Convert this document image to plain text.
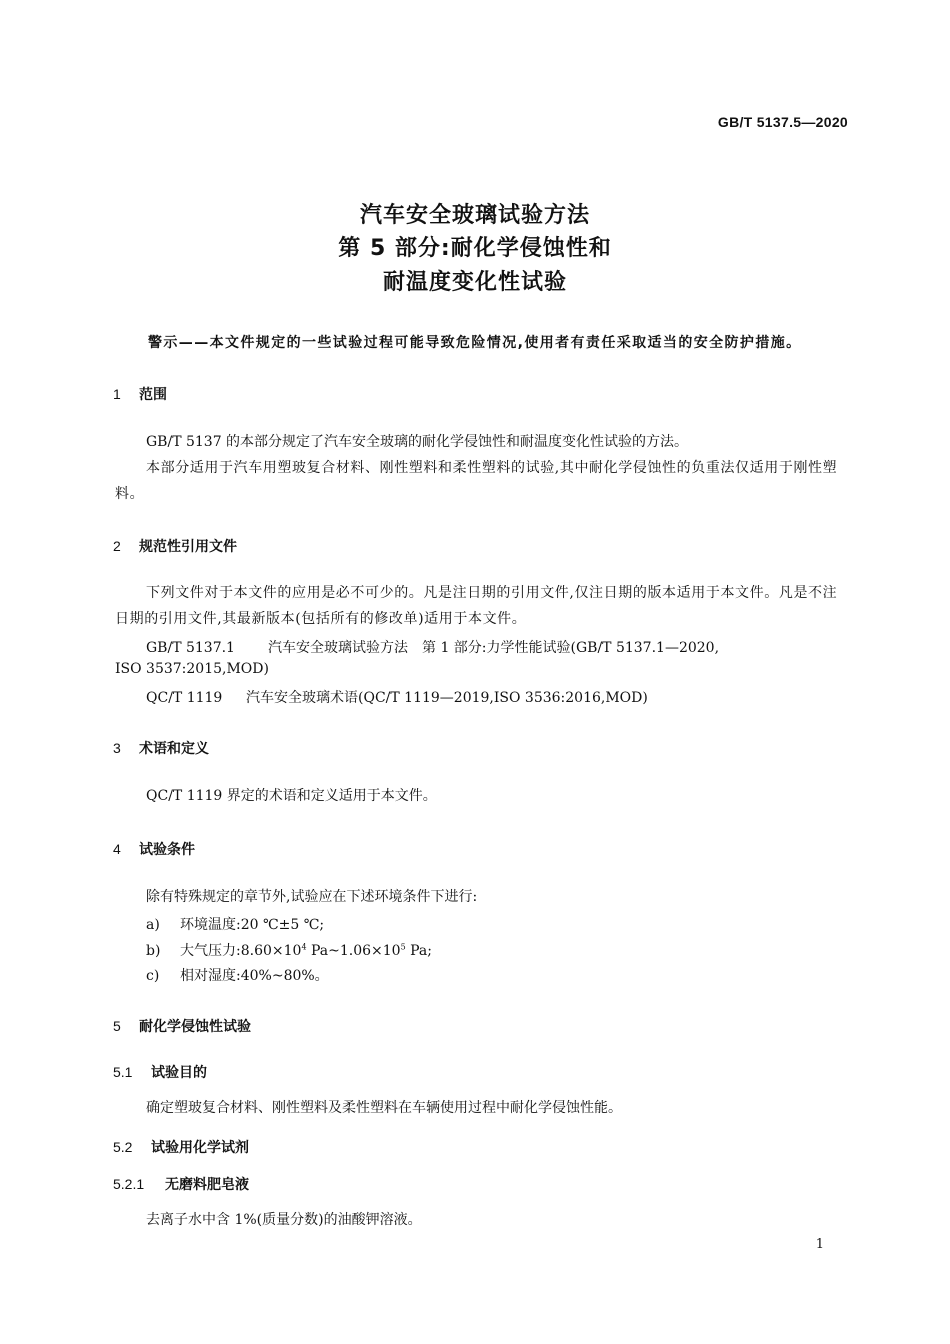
GB/T 5137.5—2020
汽车安全玻璃试验方法
第 5 部分:耐化学侵蚀性和
耐温度变化性试验
警示——本文件规定的一些试验过程可能导致危险情况,使用者有责任采取适当的安全防护措施。
1 范围
GB/T 5137 的本部分规定了汽车安全玻璃的耐化学侵蚀性和耐温度变化性试验的方法。
本部分适用于汽车用塑玻复合材料、刚性塑料和柔性塑料的试验,其中耐化学侵蚀性的负重法仅适用于刚性塑料。
2 规范性引用文件
下列文件对于本文件的应用是必不可少的。凡是注日期的引用文件,仅注日期的版本适用于本文件。凡是不注日期的引用文件,其最新版本(包括所有的修改单)适用于本文件。
GB/T 5137.1 汽车安全玻璃试验方法　第 1 部分:力学性能试验(GB/T 5137.1—2020,
ISO 3537:2015,MOD)
QC/T 1119 汽车安全玻璃术语(QC/T 1119—2019,ISO 3536:2016,MOD)
3 术语和定义
QC/T 1119 界定的术语和定义适用于本文件。
4 试验条件
除有特殊规定的章节外,试验应在下述环境条件下进行:
a) 环境温度:20 ℃±5 ℃;
b) 大气压力$:8.60\times 10^4$ $Pa\sim 1.06\times 10^5$ Pa;
c) 相对湿度:40%~80%。
5 耐化学侵蚀性试验
5.1 试验目的
确定塑玻复合材料、刚性塑料及柔性塑料在车辆使用过程中耐化学侵蚀性能。
5.2 试验用化学试剂
5.2.1 无磨料肥皂液
去离子水中含 1%(质量分数)的油酸钾溶液。
1
